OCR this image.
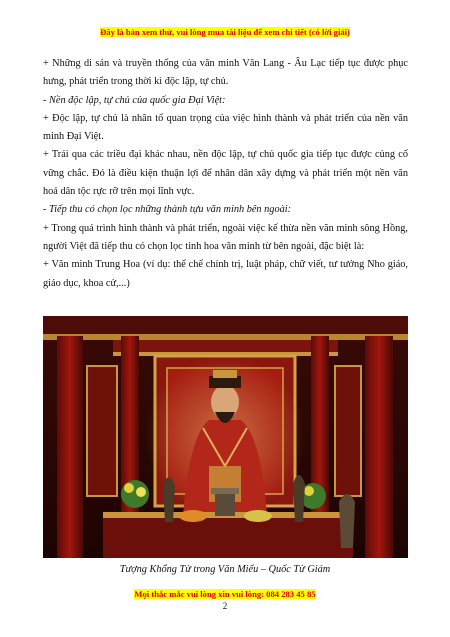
Đây là bản xem thử, vui lòng mua tài liệu để xem chi tiết (có lời giải)

+ Những di sản và truyền thống của văn minh Văn Lang - Âu Lạc tiếp tục được phục hưng, phát triển trong thời kì độc lập, tự chủ.

- Nền độc lập, tự chủ của quốc gia Đại Việt:

+ Độc lập, tự chủ là nhân tố quan trọng của việc hình thành và phát triển của nền văn minh Đại Việt.

+ Trải qua các triều đại khác nhau, nền độc lập, tự chủ quốc gia tiếp tục được củng cố vững chắc. Đó là điều kiện thuận lợi để nhân dân xây dựng và phát triển một nền văn hoá dân tộc rực rỡ trên mọi lĩnh vực.

- Tiếp thu có chọn lọc những thành tựu văn minh bên ngoài:

+ Trong quá trình hình thành và phát triển, ngoài việc kế thừa nền văn minh sông Hồng, người Việt đã tiếp thu có chọn lọc tinh hoa văn minh từ bên ngoài, đặc biệt là:

+ Văn minh Trung Hoa (ví dụ: thể chế chính trị, luật pháp, chữ viết, tư tưởng Nho giáo, giáo dục, khoa cử,...)

Tượng Khổng Tử trong Văn Miếu – Quốc Tử Giám
Mọi thắc mắc vui lòng xin vui lòng: 084 283 45 85
2
